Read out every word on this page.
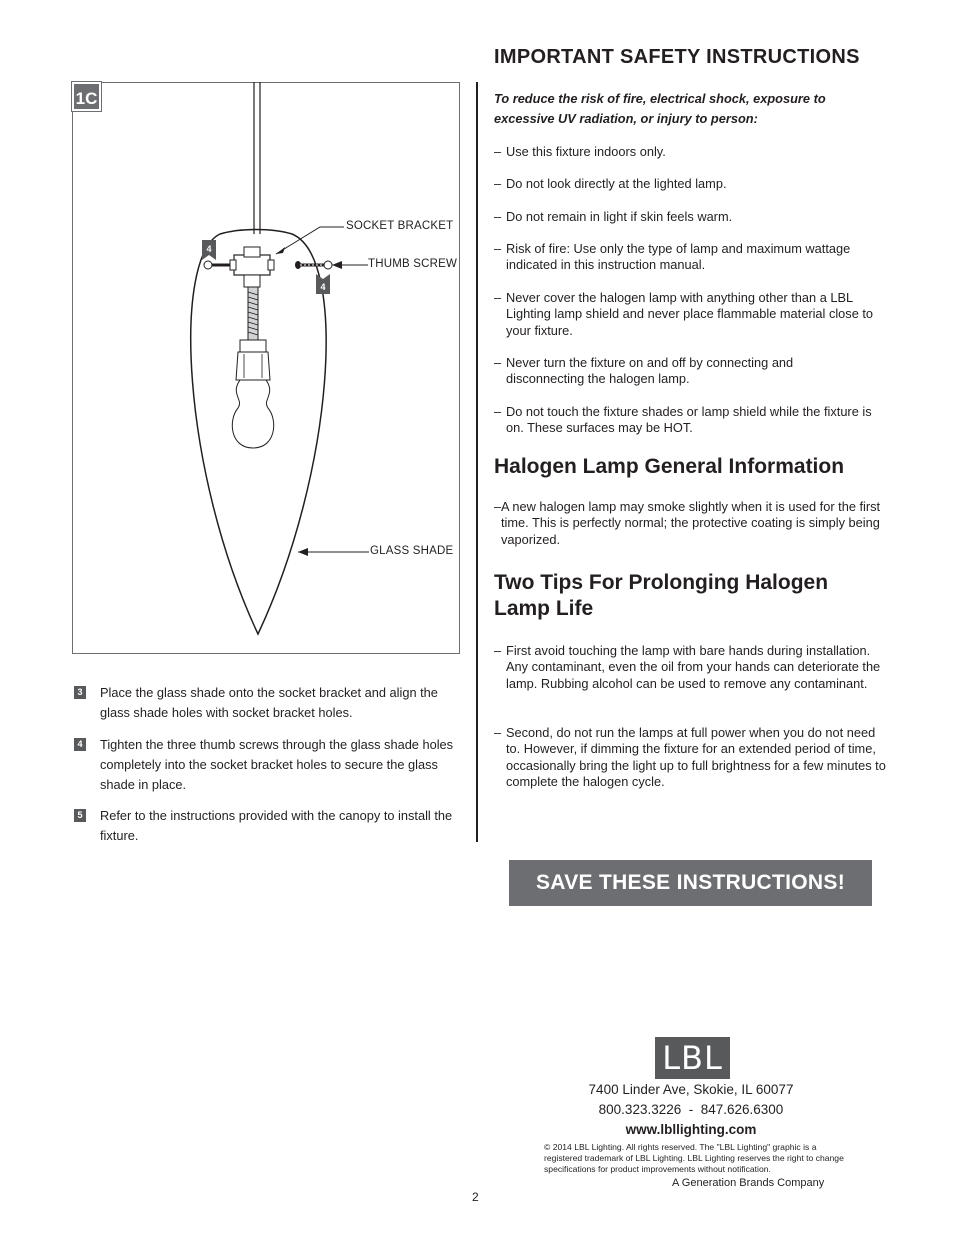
4
4
1C
SOCKET BRACKET
THUMB SCREW
GLASS SHADE
3 Place the glass shade onto the socket bracket and align the glass shade holes with socket bracket holes.
4 Tighten the three thumb screws through the glass shade holes completely into the socket bracket holes to secure the glass shade in place.
5 Refer to the instructions provided with the canopy to install the fixture.
IMPORTANT SAFETY INSTRUCTIONS
To reduce the risk of fire, electrical shock, exposure to excessive UV radiation, or injury to person:
– Use this fixture indoors only.
– Do not look directly at the lighted lamp.
– Do not remain in light if skin feels warm.
– Risk of fire: Use only the type of lamp and maximum wattage indicated in this instruction manual.
– Never cover the halogen lamp with anything other than a LBL Lighting lamp shield and never place flammable material close to your fixture.
– Never turn the fixture on and off by connecting and disconnecting the halogen lamp.
– Do not touch the fixture shades or lamp shield while the fixture is on. These surfaces may be HOT.
Halogen Lamp General Information
– A new halogen lamp may smoke slightly when it is used for the first time. This is perfectly normal; the protective coating is simply being vaporized.
Two Tips For Prolonging Halogen
Lamp Life
– First avoid touching the lamp with bare hands during installation. Any contaminant, even the oil from your hands can deteriorate the lamp. Rubbing alcohol can be used to remove any contaminant.
– Second, do not run the lamps at full power when you do not need to. However, if dimming the fixture for an extended period of time, occasionally bring the light up to full brightness for a few minutes to complete the halogen cycle.
SAVE THESE INSTRUCTIONS!
LBL
7400 Linder Ave, Skokie, IL 60077
800.323.3226  -  847.626.6300
www.lbllighting.com
© 2014 LBL Lighting. All rights reserved. The "LBL Lighting" graphic is a registered trademark of LBL Lighting. LBL Lighting reserves the right to change specifications for product improvements without notification.
A Generation Brands Company
2
